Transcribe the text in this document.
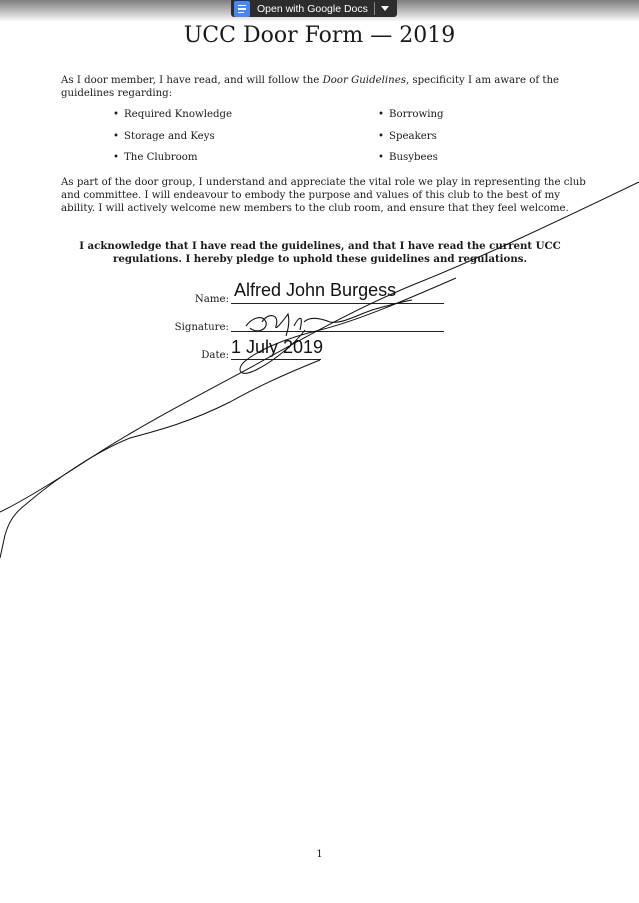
Open with Google Docs
UCC Door Form — 2019
As I door member, I have read, and will follow the Door Guidelines, specificity I am aware of the guidelines regarding:
• Required Knowledge
• Storage and Keys
• The Clubroom
• Borrowing
• Speakers
• Busybees
As part of the door group, I understand and appreciate the vital role we play in representing the club and committee. I will endeavour to embody the purpose and values of this club to the best of my ability. I will actively welcome new members to the club room, and ensure that they feel welcome.
I acknowledge that I have read the guidelines, and that I have read the current UCC regulations. I hereby pledge to uphold these guidelines and regulations.
Name: Alfred John Burgess
Signature:
Date: 1 July 2019
1
